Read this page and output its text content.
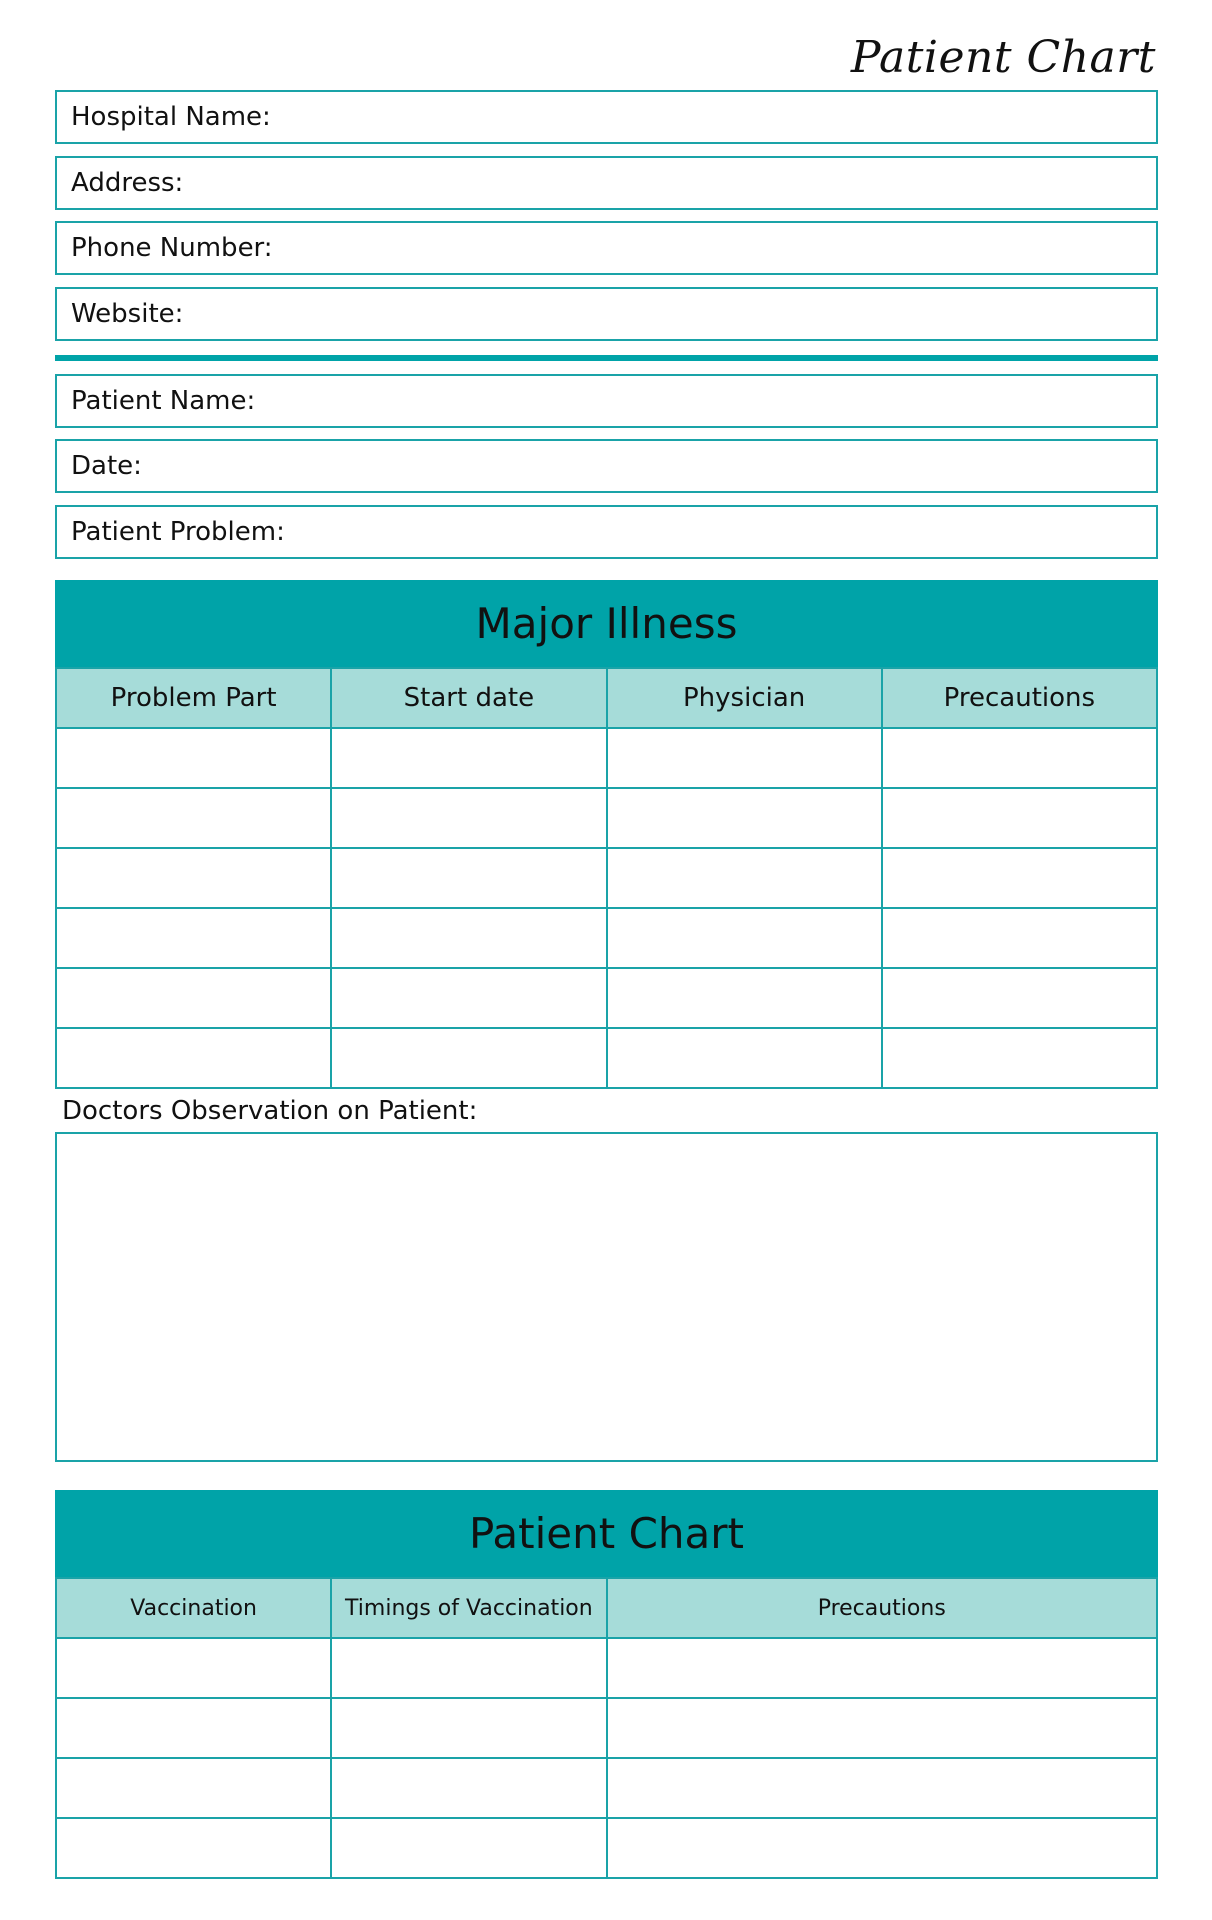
Patient Chart
Hospital Name:
Address:
Phone Number:
Website:
Patient Name:
Date:
Patient Problem:
Major Illness
Problem Part	Start date	Physician	Precautions

Doctors Observation on Patient:
Patient Chart
Vaccination	Timings of Vaccination	Precautions
